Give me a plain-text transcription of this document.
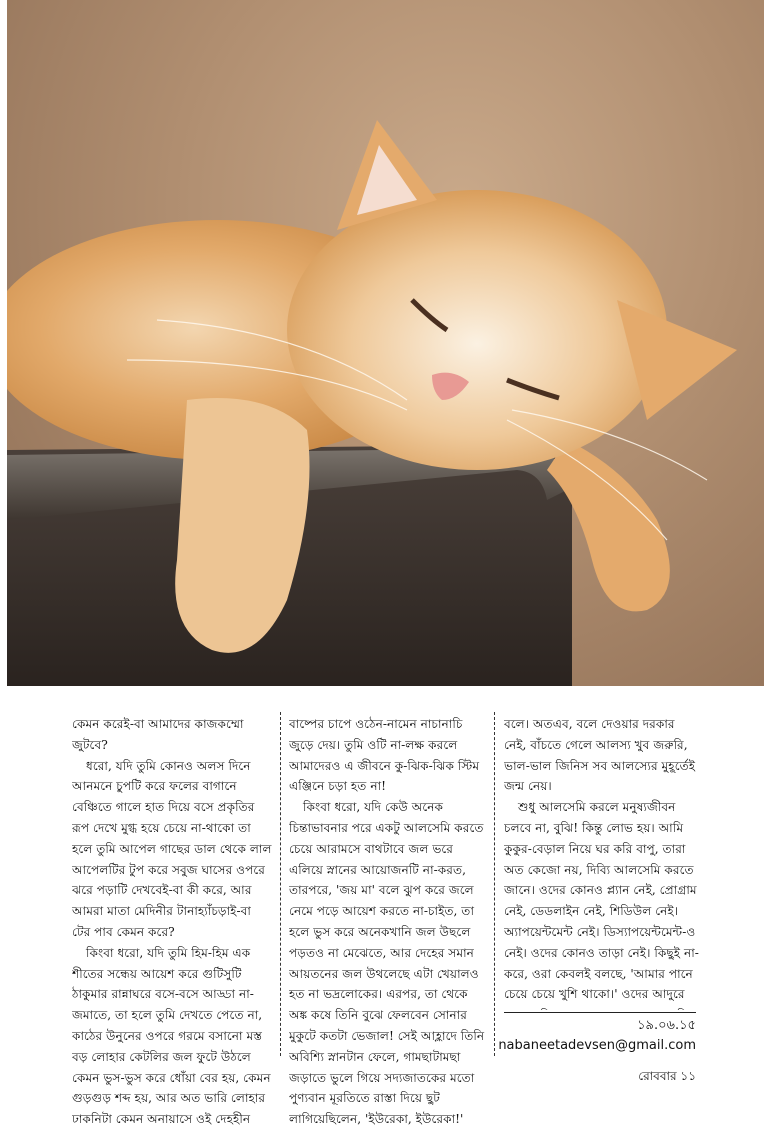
কেমন করেই-বা আমাদের কাজকম্মো জুটবে?

ধরো, যদি তুমি কোনও অলস দিনে আনমনে চুপটি করে ফলের বাগানে বেঞ্চিতে গালে হাত দিয়ে বসে প্রকৃতির রূপ দেখে মুগ্ধ হয়ে চেয়ে না-থাকো তা হলে তুমি আপেল গাছের ডাল থেকে লাল আপেলটির টুপ করে সবুজ ঘাসের ওপরে ঝরে পড়াটি দেখবেই-বা কী করে, আর আমরা মাতা মেদিনীর টানাহ্যাঁচড়াই-বা টের পাব কেমন করে?

কিংবা ধরো, যদি তুমি হিম-হিম এক শীতের সন্ধেয় আয়েশ করে গুটিসুটি ঠাকুমার রান্নাঘরে বসে-বসে আড্ডা না-জমাতে, তা হলে তুমি দেখতে পেতে না, কাঠের উনুনের ওপরে গরমে বসানো মস্ত বড় লোহার কেটলির জল ফুটে উঠলে কেমন ভুস-ভুস করে ধোঁয়া বের হয়, কেমন গুড়গুড় শব্দ হয়, আর অত ভারি লোহার ঢাকনিটা কেমন অনায়াসে ওই দেহহীন

বাষ্পের চাপে ওঠেন-নামেন নাচানাচি জুড়ে দেয়। তুমি ওটি না-লক্ষ করলে আমাদেরও এ জীবনে কু-ঝিক-ঝিক স্টিম এঞ্জিনে চড়া হত না!

কিংবা ধরো, যদি কেউ অনেক চিন্তাভাবনার পরে একটু আলসেমি করতে চেয়ে আরামসে বাথটাবে জল ভরে এলিয়ে স্নানের আয়োজনটি না-করত, তারপরে, 'জয় মা' বলে ঝুপ করে জলে নেমে পড়ে আয়েশ করতে না-চাইত, তা হলে ভুস করে অনেকখানি জল উছলে পড়তও না মেঝেতে, আর দেহের সমান আয়তনের জল উথলেছে এটা খেয়ালও হত না ভদ্রলোকের। এরপর, তা থেকে অঙ্ক কষে তিনি বুঝে ফেলবেন সোনার মুকুটে কতটা ভেজাল! সেই আহ্লাদে তিনি অবিশ্যি স্নানটান ফেলে, গামছাটামছা জড়াতে ভুলে গিয়ে সদ্যজাতকের মতো পুণ্যবান মূরতিতে রাস্তা দিয়ে ছুট লাগিয়েছিলেন, 'ইউরেকা, ইউরেকা!'

বলে। অতএব, বলে দেওয়ার দরকার নেই, বাঁচতে গেলে আলস্য খুব জরুরি, ভাল-ভাল জিনিস সব আলস্যের মুহূর্তেই জন্ম নেয়।

শুধু আলসেমি করলে মনুষ্যজীবন চলবে না, বুঝি! কিন্তু লোভ হয়। আমি কুকুর-বেড়াল নিয়ে ঘর করি বাপু, তারা অত কেজো নয়, দিব্যি আলসেমি করতে জানে। ওদের কোনও প্ল্যান নেই, প্রোগ্রাম নেই, ডেডলাইন নেই, শিডিউল নেই। অ্যাপয়েন্টমেন্ট নেই। ডিস্যাপয়েন্টমেন্ট-ও নেই। ওদের কোনও তাড়া নেই। কিছুই না-করে, ওরা কেবলই বলছে, 'আমার পানে চেয়ে চেয়ে খুশি থাকো।' ওদের আদুরে

১৯.০৬.১৫
nabaneetadevsen@gmail.com
রোববার ১১
